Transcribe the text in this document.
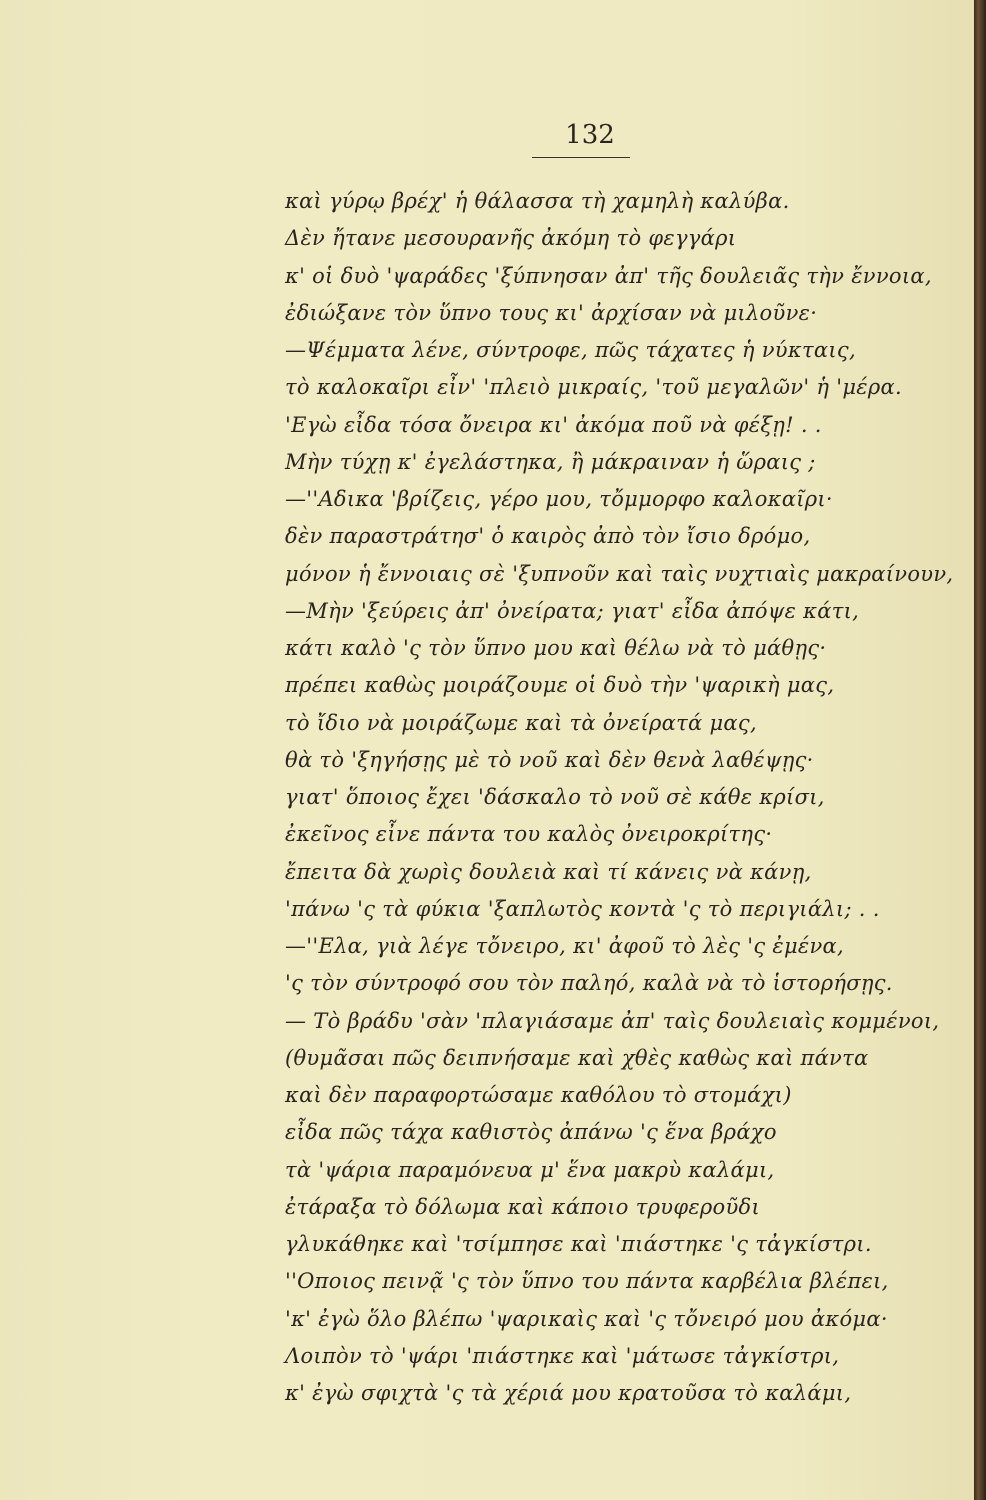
132
καὶ γύρῳ βρέχ' ἡ θάλασσα τὴ χαμηλὴ καλύβα.
Δὲν ἤτανε μεσουρανῆς ἀκόμη τὸ φεγγάρι
κ' οἱ δυὸ 'ψαράδες 'ξύπνησαν ἀπ' τῆς δουλειᾶς τὴν ἔννοια,
ἐδιώξανε τὸν ὕπνο τους κι' ἀρχίσαν νὰ μιλοῦνε·
—Ψέμματα λένε, σύντροφε, πῶς τάχατες ἡ νύκταις,
τὸ καλοκαῖρι εἶν' 'πλειὸ μικραίς, 'τοῦ μεγαλῶν' ἡ 'μέρα.
'Εγὼ εἶδα τόσα ὄνειρα κι' ἀκόμα ποῦ νὰ φέξῃ! . .
Μὴν τύχῃ κ' ἐγελάστηκα, ἢ μάκραιναν ἡ ὥραις ;
—''Αδικα 'βρίζεις, γέρο μου, τὄμμορφο καλοκαῖρι·
δὲν παραστράτησ' ὁ καιρὸς ἀπὸ τὸν ἴσιο δρόμο,
μόνον ἡ ἔννοιαις σὲ 'ξυπνοῦν καὶ ταὶς νυχτιαὶς μακραίνουν,
—Μὴν 'ξεύρεις ἀπ' ὀνείρατα; γιατ' εἶδα ἀπόψε κάτι,
κάτι καλὸ 'ς τὸν ὕπνο μου καὶ θέλω νὰ τὸ μάθῃς·
πρέπει καθὼς μοιράζουμε οἱ δυὸ τὴν 'ψαρικὴ μας,
τὸ ἴδιο νὰ μοιράζωμε καὶ τὰ ὀνείρατά μας,
θὰ τὸ 'ξηγήσῃς μὲ τὸ νοῦ καὶ δὲν θενὰ λαθέψῃς·
γιατ' ὅποιος ἔχει 'δάσκαλο τὸ νοῦ σὲ κάθε κρίσι,
ἐκεῖνος εἶνε πάντα του καλὸς ὀνειροκρίτης·
ἔπειτα δὰ χωρὶς δουλειὰ καὶ τί κάνεις νὰ κάνῃ,
'πάνω 'ς τὰ φύκια 'ξαπλωτὸς κοντὰ 'ς τὸ περιγιάλι; . .
—''Ελα, γιὰ λέγε τὄνειρο, κι' ἀφοῦ τὸ λὲς 'ς ἐμένα,
'ς τὸν σύντροφό σου τὸν παληό, καλὰ νὰ τὸ ἱστορήσῃς.
— Τὸ βράδυ 'σὰν 'πλαγιάσαμε ἀπ' ταὶς δουλειαὶς κομμένοι,
(θυμᾶσαι πῶς δειπνήσαμε καὶ χθὲς καθὼς καὶ πάντα
καὶ δὲν παραφορτώσαμε καθόλου τὸ στομάχι)
εἶδα πῶς τάχα καθιστὸς ἀπάνω 'ς ἕνα βράχο
τὰ 'ψάρια παραμόνευα μ' ἕνα μακρὺ καλάμι,
ἐτάραξα τὸ δόλωμα καὶ κάποιο τρυφεροῦδι
γλυκάθηκε καὶ 'τσίμπησε καὶ 'πιάστηκε 'ς τἀγκίστρι.
''Οποιος πεινᾷ 'ς τὸν ὕπνο του πάντα καρβέλια βλέπει,
'κ' ἐγὼ ὅλο βλέπω 'ψαρικαὶς καὶ 'ς τὄνειρό μου ἀκόμα·
Λοιπὸν τὸ 'ψάρι 'πιάστηκε καὶ 'μάτωσε τἀγκίστρι,
κ' ἐγὼ σφιχτὰ 'ς τὰ χέριά μου κρατοῦσα τὸ καλάμι,
